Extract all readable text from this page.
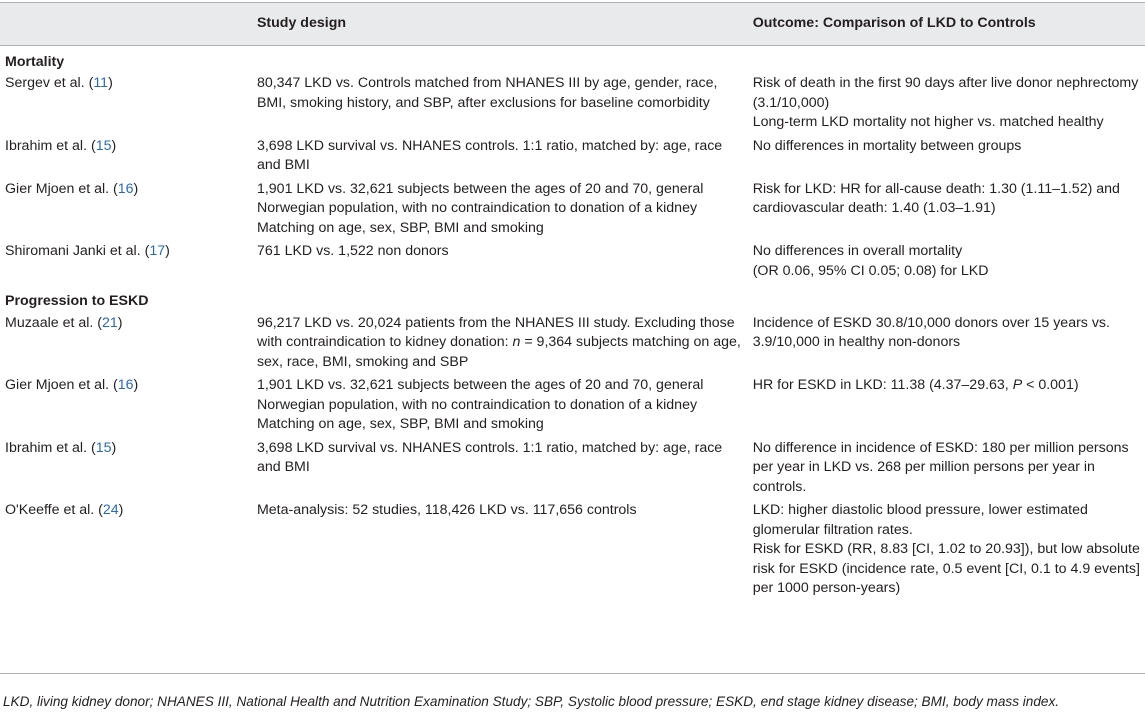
	Study design	Outcome: Comparison of LKD to Controls
Mortality		
Sergev et al. (11)	80,347 LKD vs. Controls matched from NHANES III by age, gender, race, BMI, smoking history, and SBP, after exclusions for baseline comorbidity	Risk of death in the first 90 days after live donor nephrectomy (3.1/10,000)
Long-term LKD mortality not higher vs. matched healthy

Ibrahim et al. (15)	3,698 LKD survival vs. NHANES controls. 1:1 ratio, matched by: age, race and BMI	No differences in mortality between groups

Gier Mjoen et al. (16)	1,901 LKD vs. 32,621 subjects between the ages of 20 and 70, general Norwegian population, with no contraindication to donation of a kidney Matching on age, sex, SBP, BMI and smoking	Risk for LKD: HR for all-cause death: 1.30 (1.11–1.52) and cardiovascular death: 1.40 (1.03–1.91)

Shiromani Janki et al. (17)	761 LKD vs. 1,522 non donors	No differences in overall mortality
(OR 0.06, 95% CI 0.05; 0.08) for LKD

Progression to ESKD		
Muzaale et al. (21)	96,217 LKD vs. 20,024 patients from the NHANES III study. Excluding those with contraindication to kidney donation: n = 9,364 subjects matching on age, sex, race, BMI, smoking and SBP	Incidence of ESKD 30.8/10,000 donors over 15 years vs. 3.9/10,000 in healthy non-donors

Gier Mjoen et al. (16)	1,901 LKD vs. 32,621 subjects between the ages of 20 and 70, general Norwegian population, with no contraindication to donation of a kidney Matching on age, sex, SBP, BMI and smoking	HR for ESKD in LKD: 11.38 (4.37–29.63, P < 0.001)
Ibrahim et al. (15)	3,698 LKD survival vs. NHANES controls. 1:1 ratio, matched by: age, race and BMI	No difference in incidence of ESKD: 180 per million persons per year in LKD vs. 268 per million persons per year in controls.

O'Keeffe et al. (24)	Meta-analysis: 52 studies, 118,426 LKD vs. 117,656 controls	LKD: higher diastolic blood pressure, lower estimated glomerular filtration rates.
Risk for ESKD (RR, 8.83 [CI, 1.02 to 20.93]), but low absolute risk for ESKD (incidence rate, 0.5 event [CI, 0.1 to 4.9 events] per 1000 person-years)
LKD, living kidney donor; NHANES III, National Health and Nutrition Examination Study; SBP, Systolic blood pressure; ESKD, end stage kidney disease; BMI, body mass index.
